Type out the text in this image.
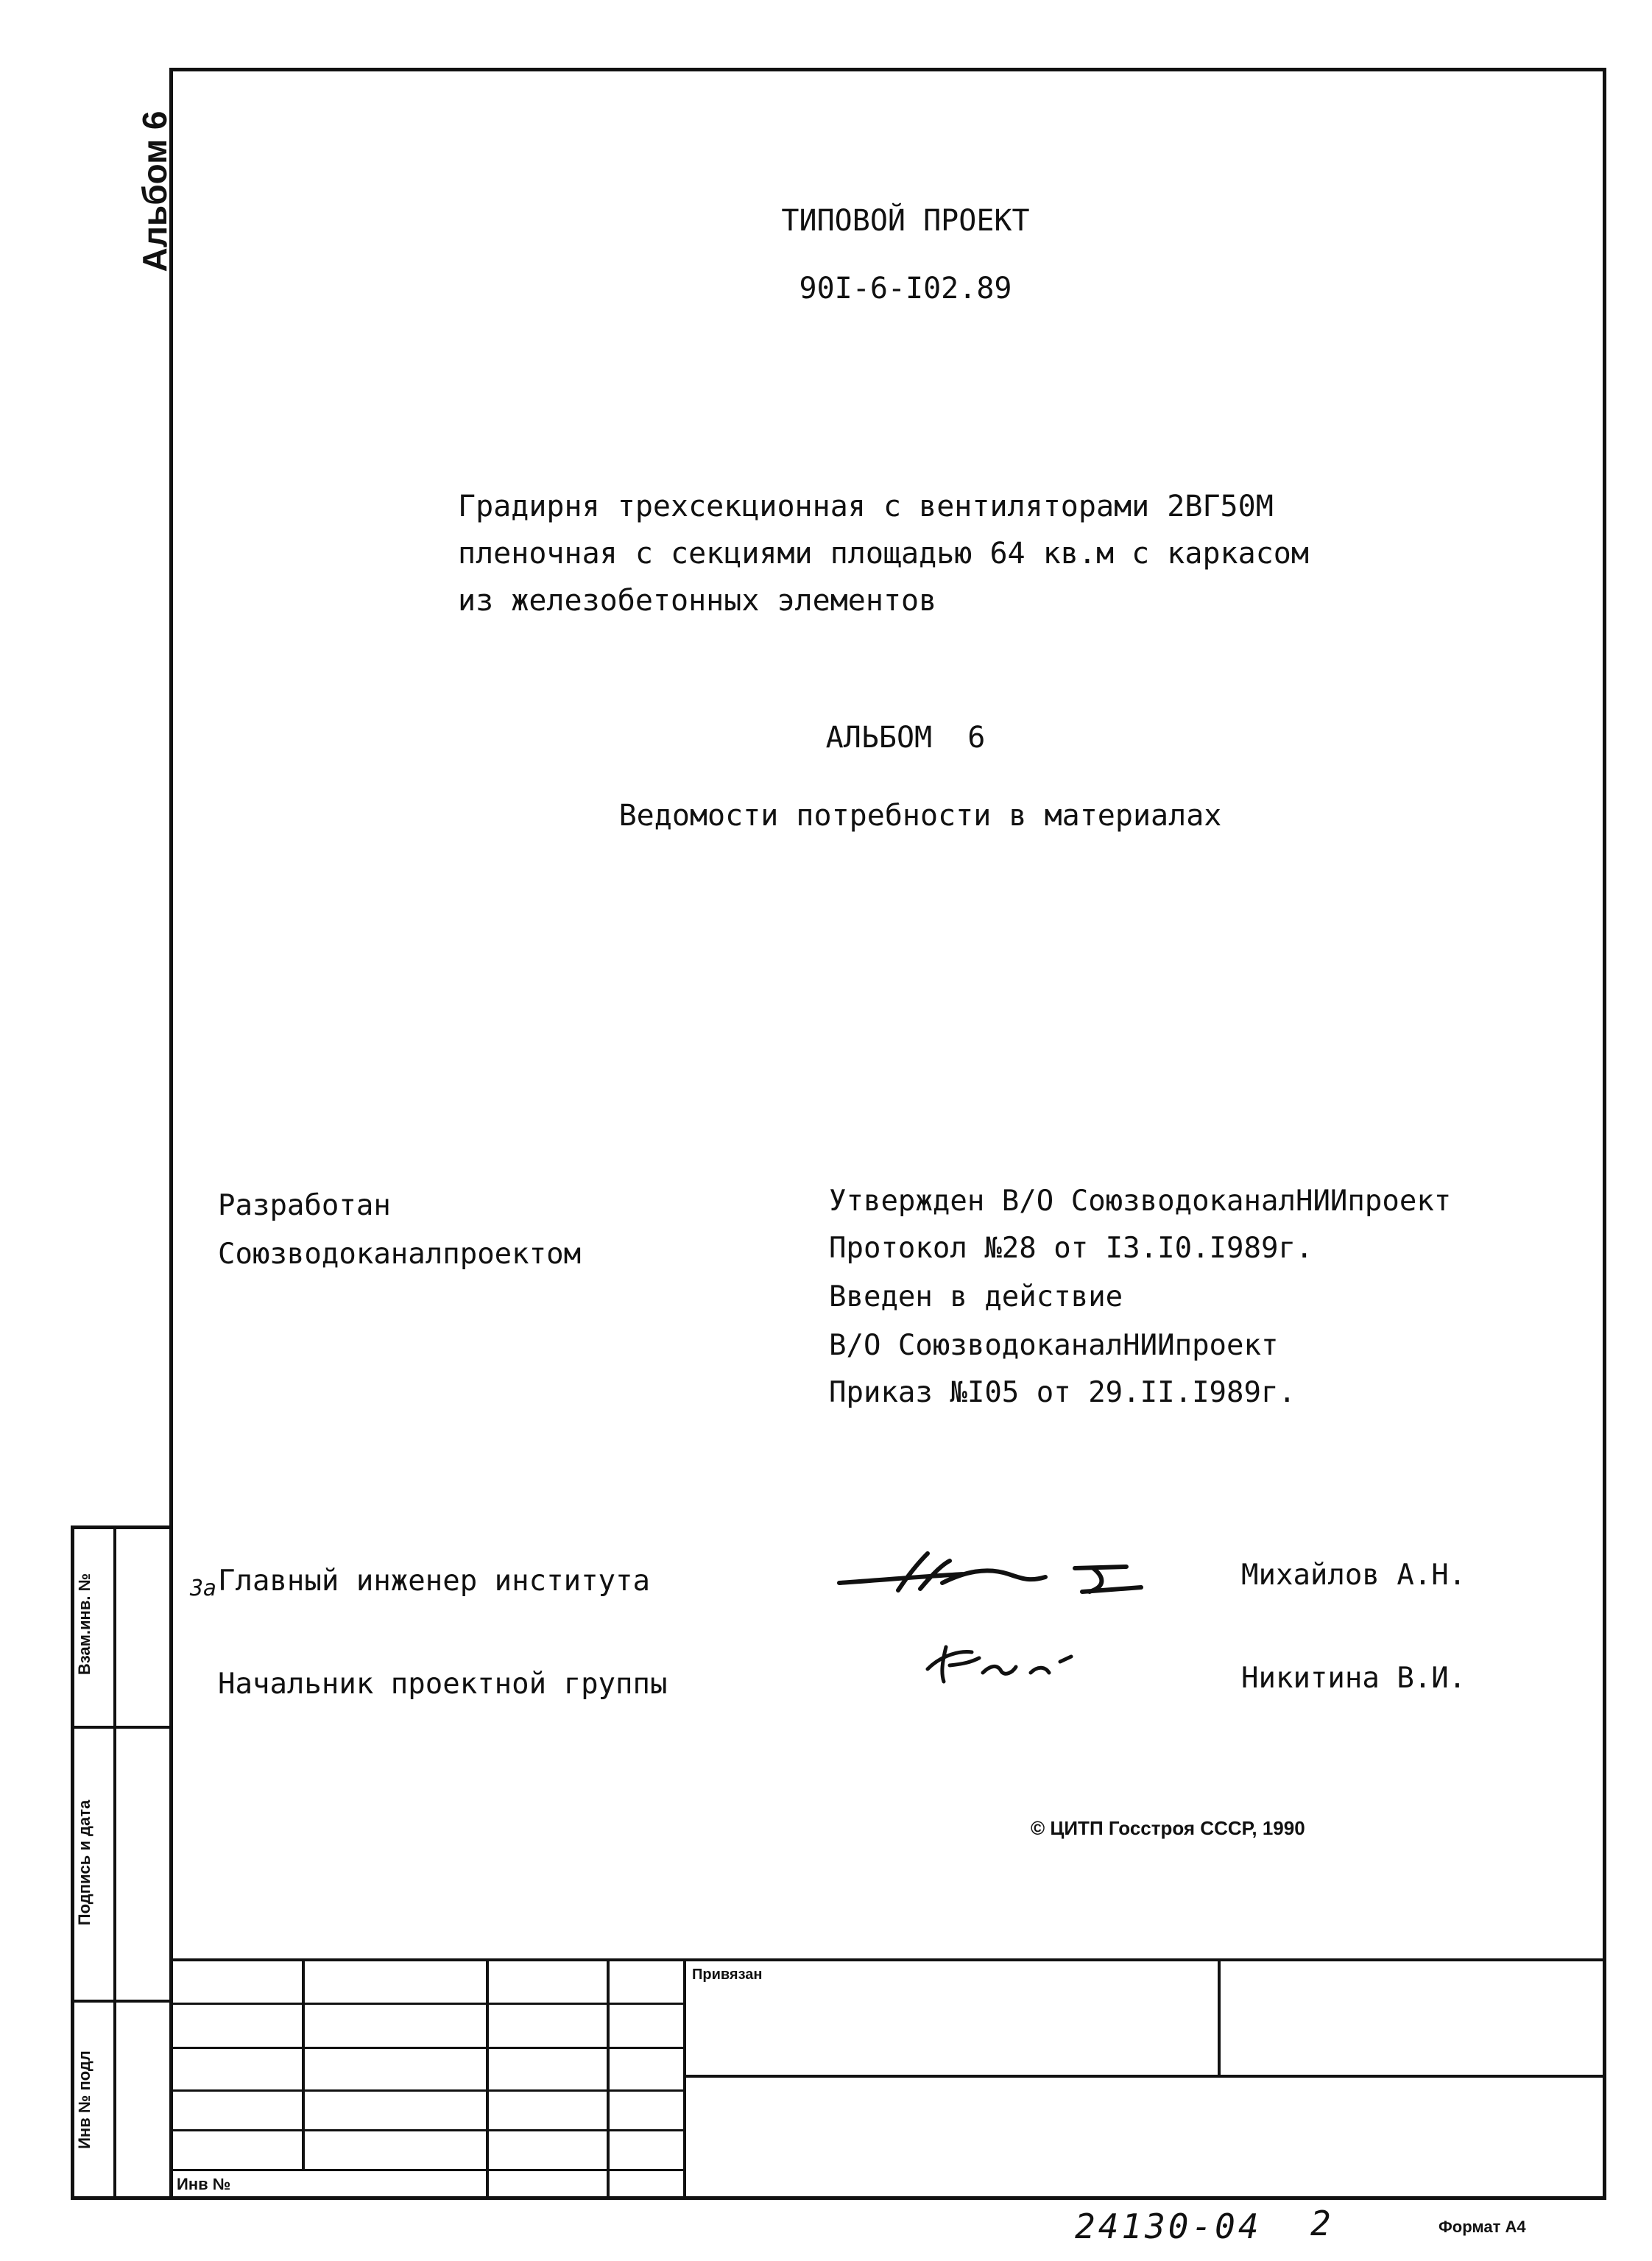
Альбом 6	ТИПОВОЙ ПРОЕКТ
90I-6-I02.89
Градирня трехсекционная с вентиляторами 2ВГ50М
пленочная с секциями площадью 64 кв.м с каркасом
из железобетонных элементов
АЛЬБОМ  6
Ведомости потребности в материалах
Разработан
Союзводоканалпроектом
Утвержден В/О СоюзводоканалНИИпроект
Протокол №28 от I3.I0.I989г.
Введен в действие
В/О СоюзводоканалНИИпроект
Приказ №I05 от 29.II.I989г.
За Главный инженер института	Михайлов А.Н.
Начальник проектной группы	Никитина В.И.
© ЦИТП Госстроя СССР, 1990
Взам.инв. №
Подпись и дата
Инв № подл
Инв №
Привязан
24130-04 2	Формат А4
